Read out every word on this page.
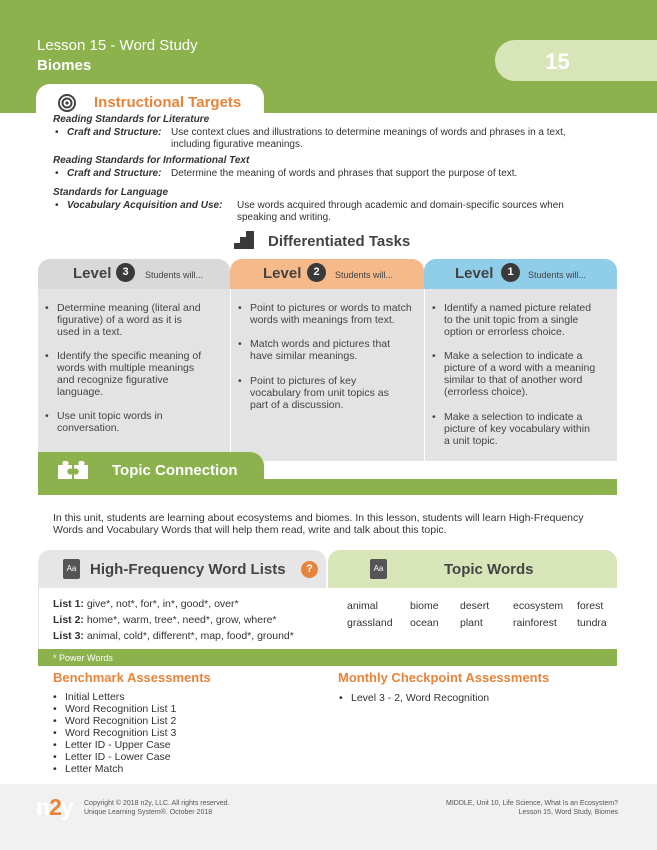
Lesson 15 - Word Study
Biomes	15
Instructional Targets
Reading Standards for Literature
• Craft and Structure: Use context clues and illustrations to determine meanings of words and phrases in a text,
including figurative meanings.
Reading Standards for Informational Text
• Craft and Structure: Determine the meaning of words and phrases that support the purpose of text.
Standards for Language
• Vocabulary Acquisition and Use: Use words acquired through academic and domain-specific sources when
speaking and writing.
Differentiated Tasks
Level	3	Students will...	Level	2	Students will...	Level	1	Students will...
• Determine meaning (literal and
figurative) of a word as it is
used in a text.
• Identify the specific meaning of
words with multiple meanings
and recognize figurative
language.
• Use unit topic words in
conversation.
• Point to pictures or words to match
words with meanings from text.
• Match words and pictures that
have similar meanings.
• Point to pictures of key
vocabulary from unit topics as
part of a discussion.
• Identify a named picture related
to the unit topic from a single
option or errorless choice.
• Make a selection to indicate a
picture of a word with a meaning
similar to that of another word
(errorless choice).
• Make a selection to indicate a
picture of key vocabulary within
a unit topic.
Topic Connection
In this unit, students are learning about ecosystems and biomes. In this lesson, students will learn High-Frequency
Words and Vocabulary Words that will help them read, write and talk about this topic.
Aa High-Frequency Word Lists	?
List 1: give*, not*, for*, in*, good*, over*
List 2: home*, warm, tree*, need*, grow, where*
List 3: animal, cold*, different*, map, food*, ground*
Aa	Topic Words
animal	biome desert ecosystem forest
grassland ocean plant	rainforest tundra
* Power Words
Benchmark Assessments
• Initial Letters
• Word Recognition List 1
• Word Recognition List 2
• Word Recognition List 3
• Letter ID - Upper Case
• Letter ID - Lower Case
• Letter Match
Monthly Checkpoint Assessments
• Level 3 - 2, Word Recognition
n2y Copyright © 2018 n2y, LLC. All rights reserved.
Unique Learning System®. October 2018
MIDDLE, Unit 10, Life Science, What Is an Ecosystem?
Lesson 15, Word Study, Biomes
